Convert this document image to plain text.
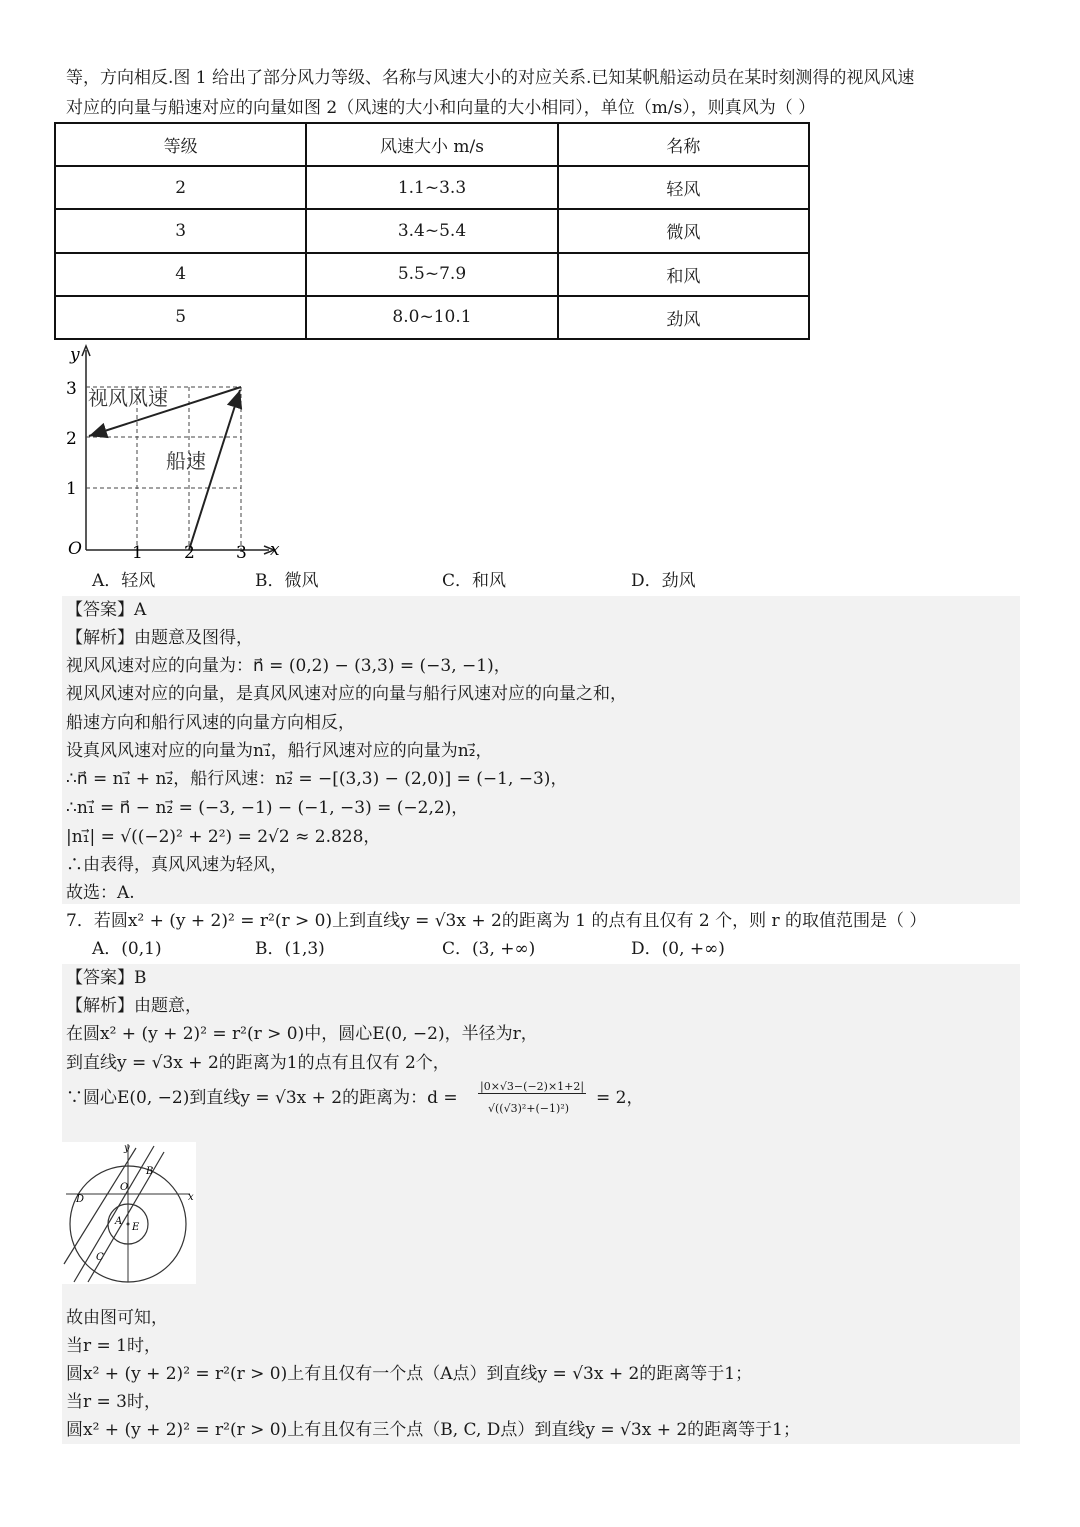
等，方向相反.图 1 给出了部分风力等级、名称与风速大小的对应关系.已知某帆船运动员在某时刻测得的视风风速
对应的向量与船速对应的向量如图 2（风速的大小和向量的大小相同），单位（m/s），则真风为（ ）
等级	风速大小 m/s	名称
2	1.1~3.3	轻风
3	3.4~5.4	微风
4	5.5~7.9	和风
5	8.0~10.1	劲风
y
x
O	1 2 3
1
2
3 视风风速
船速
A．轻风	B．微风	C．和风	D．劲风
【答案】A
【解析】由题意及图得，
视风风速对应的向量为：n⃗ = (0,2) − (3,3) = (−3, −1)，
视风风速对应的向量，是真风风速对应的向量与船行风速对应的向量之和，
船速方向和船行风速的向量方向相反，
设真风风速对应的向量为n₁⃗，船行风速对应的向量为n₂⃗，
∴n⃗ = n₁⃗ + n₂⃗，船行风速：n₂⃗ = −[(3,3) − (2,0)] = (−1, −3)，
∴n₁⃗ = n⃗ − n₂⃗ = (−3, −1) − (−1, −3) = (−2,2)，
|n₁⃗| = √((−2)² + 2²) = 2√2 ≈ 2.828，
∴由表得，真风风速为轻风，
故选：A.
7．若圆x² + (y + 2)² = r²(r > 0)上到直线y = √3x + 2的距离为 1 的点有且仅有 2 个，则 r 的取值范围是（ ）
A．(0,1)	B．(1,3)	C．(3, +∞)	D．(0, +∞)
【答案】B
【解析】由题意，
在圆x² + (y + 2)² = r²(r > 0)中，圆心E(0, −2)，半径为r，
到直线y = √3x + 2的距离为1的点有且仅有 2个，
∵圆心E(0, −2)到直线y = √3x + 2的距离为：d =
|0×√3−(−2)×1+2|
√((√3)²+(−1)²)
= 2，
y
x
O
B
D
A
E
C
故由图可知，
当r = 1时，
圆x² + (y + 2)² = r²(r > 0)上有且仅有一个点（A点）到直线y = √3x + 2的距离等于1；
当r = 3时，
圆x² + (y + 2)² = r²(r > 0)上有且仅有三个点（B, C, D点）到直线y = √3x + 2的距离等于1；
